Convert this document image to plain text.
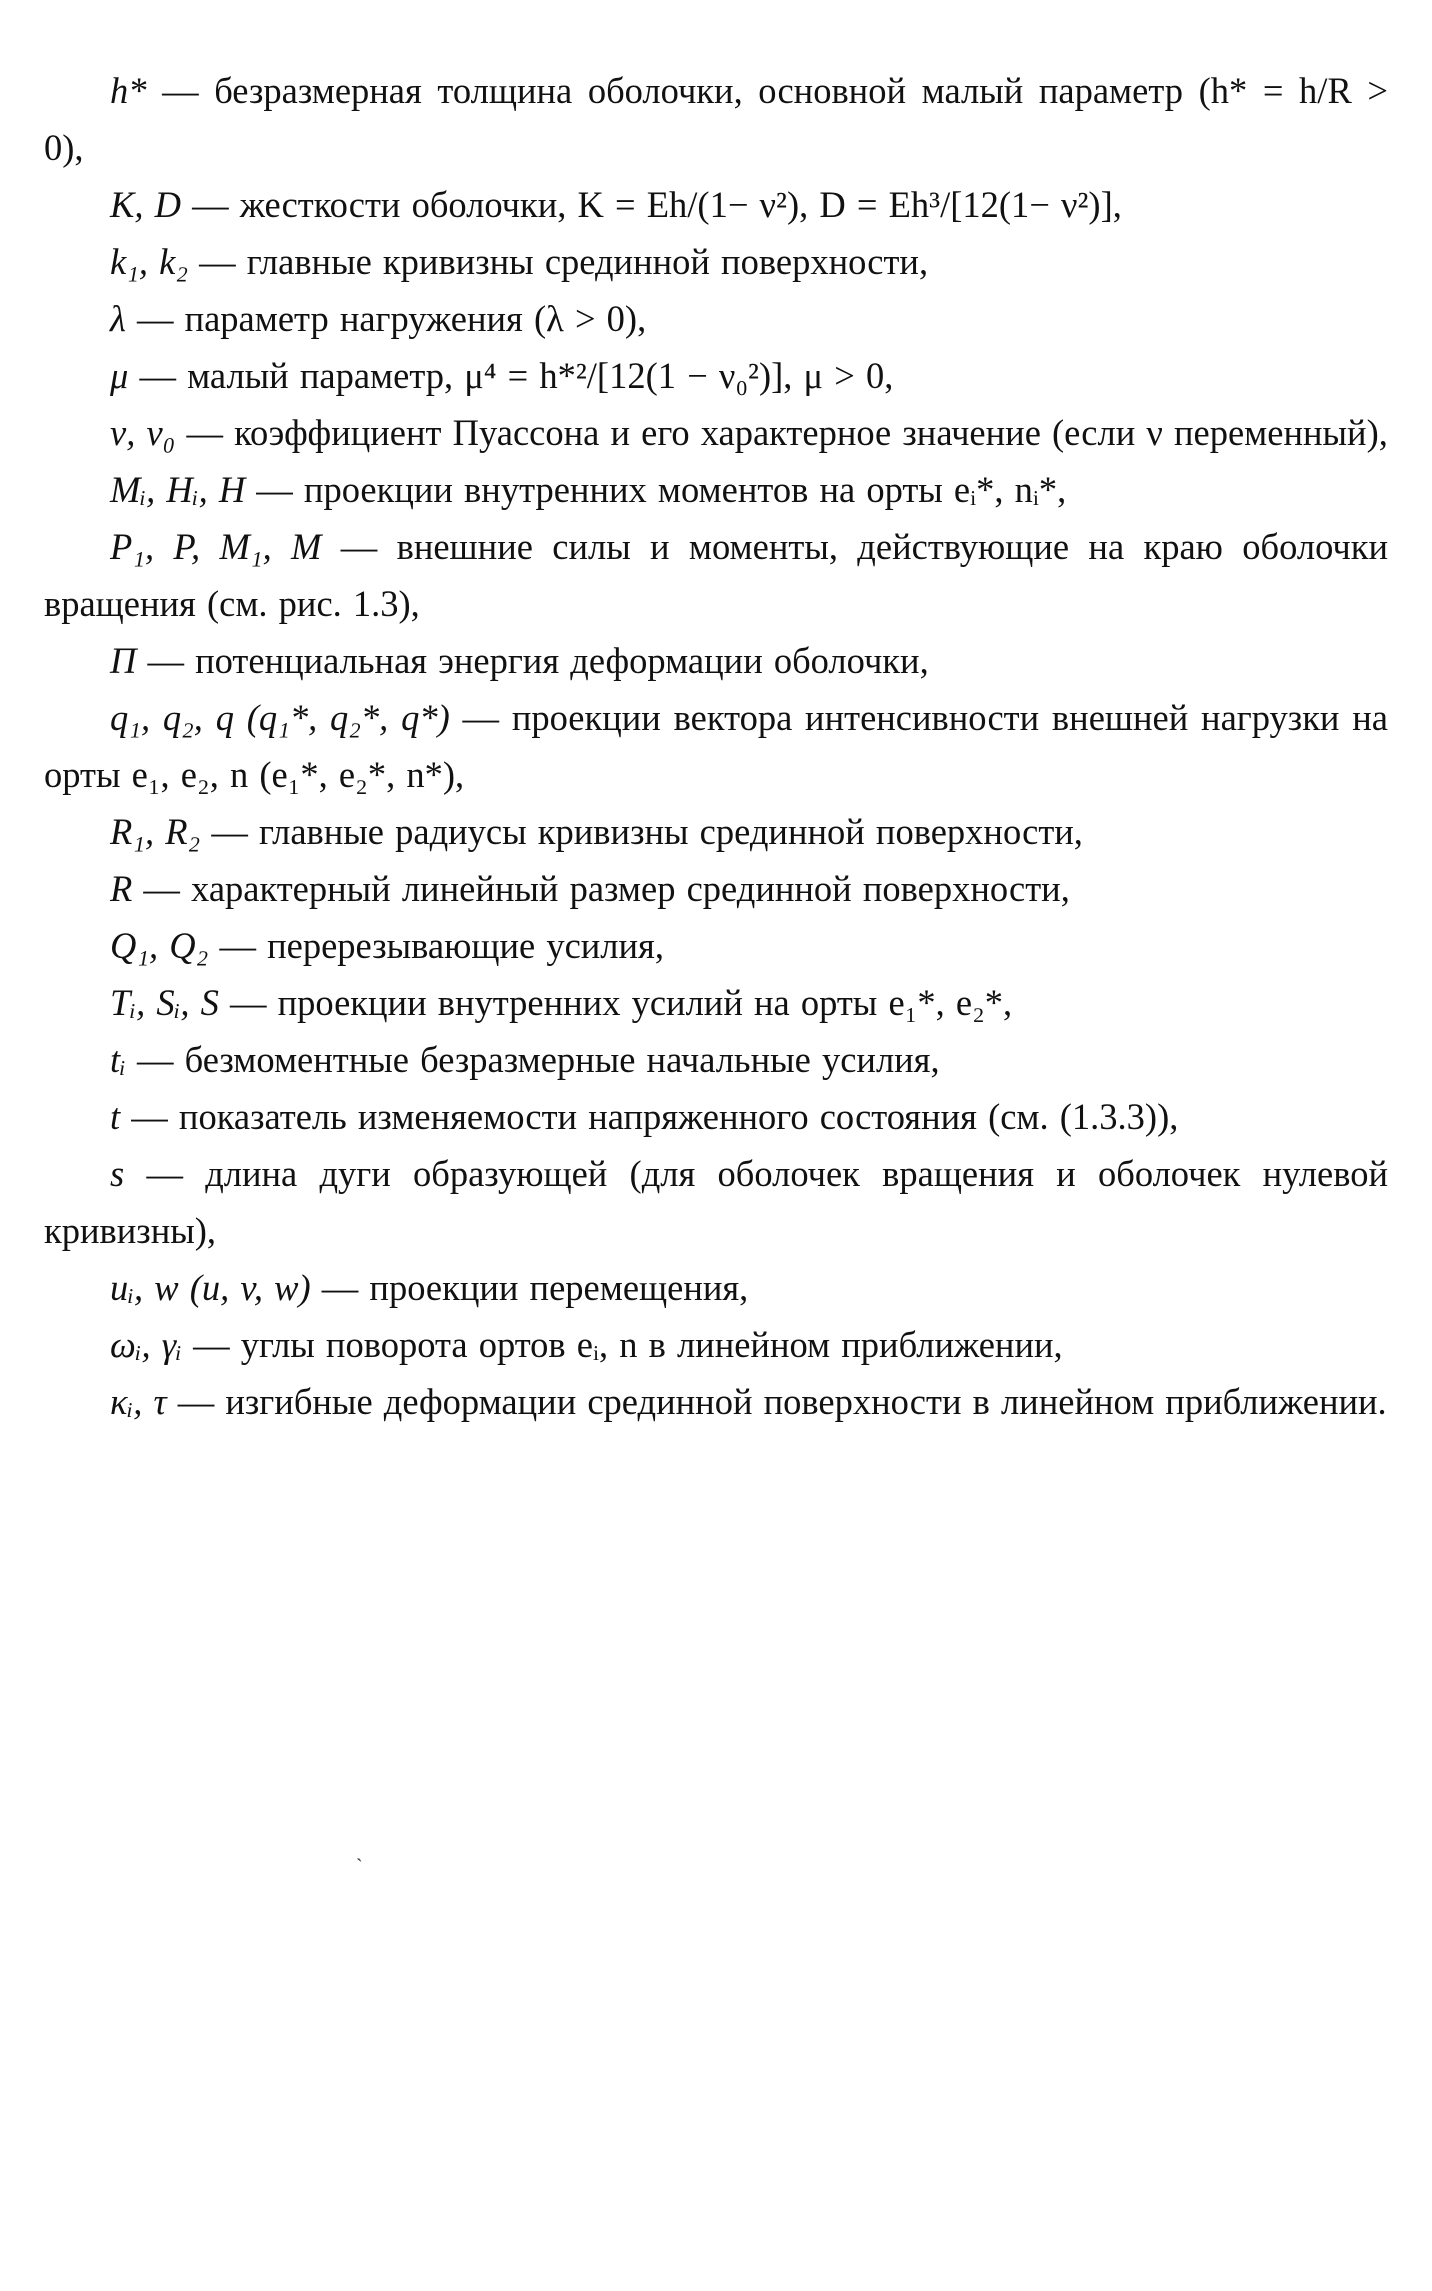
h* — безразмерная толщина оболочки, основной малый параметр (h* = h/R > 0),

K, D — жесткости оболочки, K = Eh/(1− ν²), D = Eh³/[12(1− ν²)],

k₁, k₂ — главные кривизны срединной поверхности,

λ — параметр нагружения (λ > 0),

μ — малый параметр, μ⁴ = h*²/[12(1 − ν₀²)], μ > 0,

ν, ν₀ — коэффициент Пуассона и его характерное значение (если ν переменный),

Mᵢ, Hᵢ, H — проекции внутренних моментов на орты eᵢ*, nᵢ*,

P₁, P, M₁, M — внешние силы и моменты, действующие на краю оболочки вращения (см. рис. 1.3),

Π — потенциальная энергия деформации оболочки,

q₁, q₂, q (q₁*, q₂*, q*) — проекции вектора интенсивности внешней нагрузки на орты e₁, e₂, n (e₁*, e₂*, n*),

R₁, R₂ — главные радиусы кривизны срединной поверхности,

R — характерный линейный размер срединной поверхности,

Q₁, Q₂ — перерезывающие усилия,

Tᵢ, Sᵢ, S — проекции внутренних усилий на орты e₁*, e₂*,

tᵢ — безмоментные безразмерные начальные усилия,

t — показатель изменяемости напряженного состояния (см. (1.3.3)),

s — длина дуги образующей (для оболочек вращения и оболочек нулевой кривизны),

uᵢ, w (u, v, w) — проекции перемещения,

ωᵢ, γᵢ — углы поворота ортов eᵢ, n в линейном приближении,

κᵢ, τ — изгибные деформации срединной поверхности в линейном приближении.

ˎ
